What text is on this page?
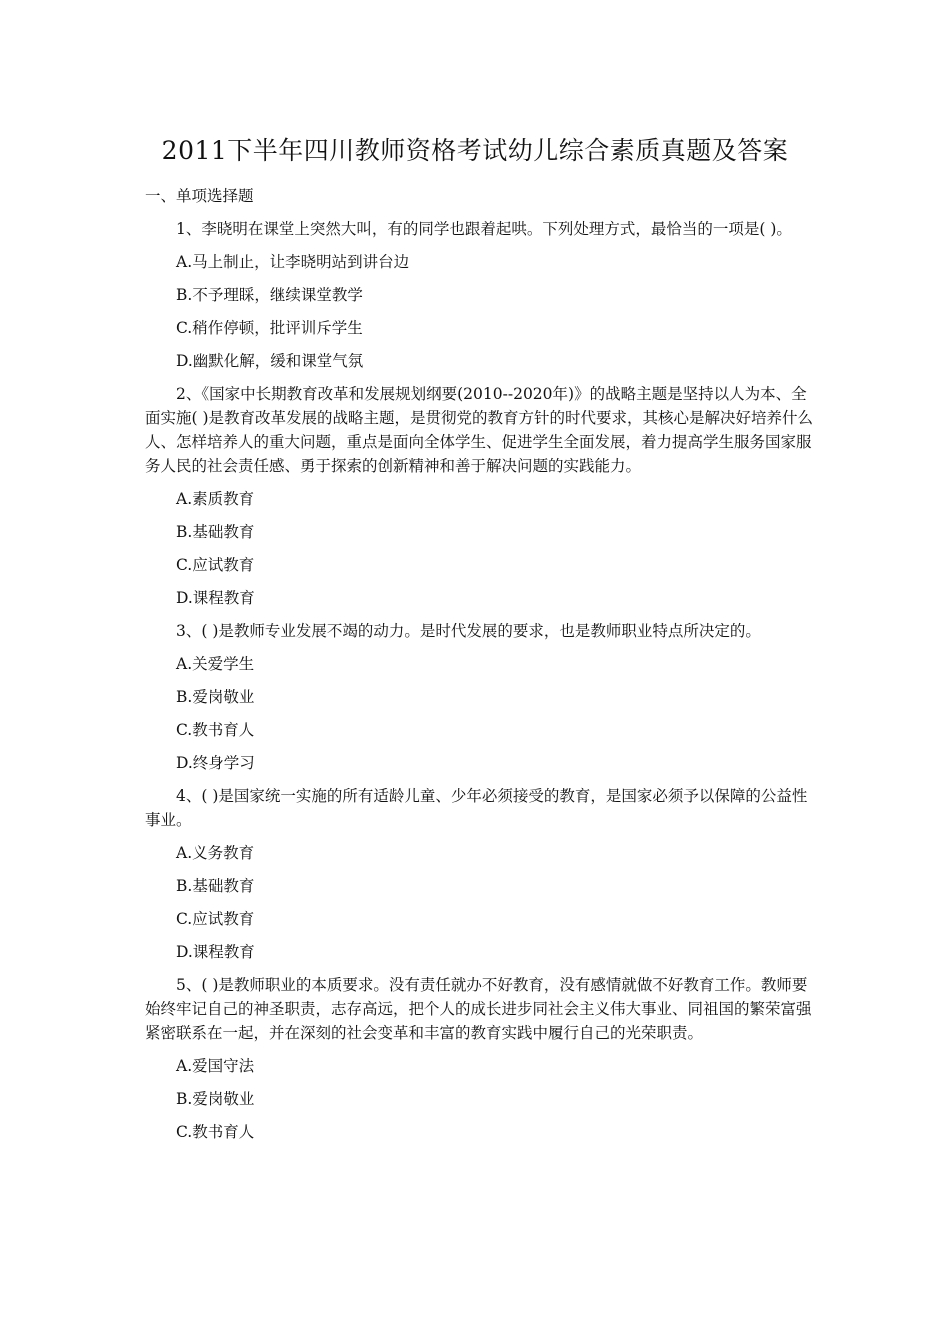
2011下半年四川教师资格考试幼儿综合素质真题及答案
一、单项选择题

1、李晓明在课堂上突然大叫，有的同学也跟着起哄。下列处理方式，最恰当的一项是( )。

A.马上制止，让李晓明站到讲台边
B.不予理睬，继续课堂教学
C.稍作停顿，批评训斥学生
D.幽默化解，缓和课堂气氛

2、《国家中长期教育改革和发展规划纲要(2010--2020年)》的战略主题是坚持以人为本、全面实施( )是教育改革发展的战略主题，是贯彻党的教育方针的时代要求，其核心是解决好培养什么人、怎样培养人的重大问题，重点是面向全体学生、促进学生全面发展，着力提高学生服务国家服务人民的社会责任感、勇于探索的创新精神和善于解决问题的实践能力。

A.素质教育
B.基础教育
C.应试教育
D.课程教育

3、( )是教师专业发展不竭的动力。是时代发展的要求，也是教师职业特点所决定的。

A.关爱学生
B.爱岗敬业
C.教书育人
D.终身学习

4、( )是国家统一实施的所有适龄儿童、少年必须接受的教育，是国家必须予以保障的公益性事业。

A.义务教育
B.基础教育
C.应试教育
D.课程教育

5、( )是教师职业的本质要求。没有责任就办不好教育，没有感情就做不好教育工作。教师要始终牢记自己的神圣职责，志存高远，把个人的成长进步同社会主义伟大事业、同祖国的繁荣富强紧密联系在一起，并在深刻的社会变革和丰富的教育实践中履行自己的光荣职责。

A.爱国守法
B.爱岗敬业
C.教书育人
